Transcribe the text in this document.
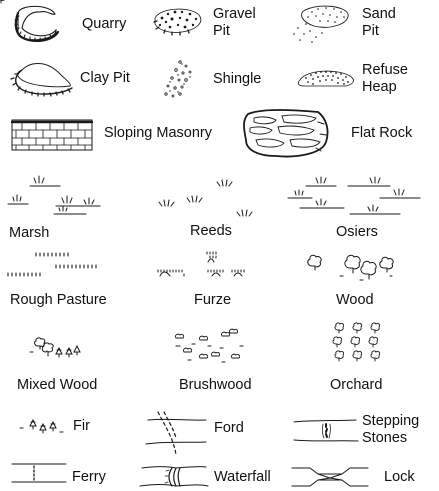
Quarry
Gravel
Pit
Sand
Pit
Clay Pit	Shingle
Refuse
Heap
Sloping Masonry	Flat Rock
Marsh	Reeds	Osiers
Rough Pasture	Furze	Wood
Mixed Wood	Brushwood	Orchard
Fir	Ford	Stepping
Stones
Ferry	Waterfall	Lock
